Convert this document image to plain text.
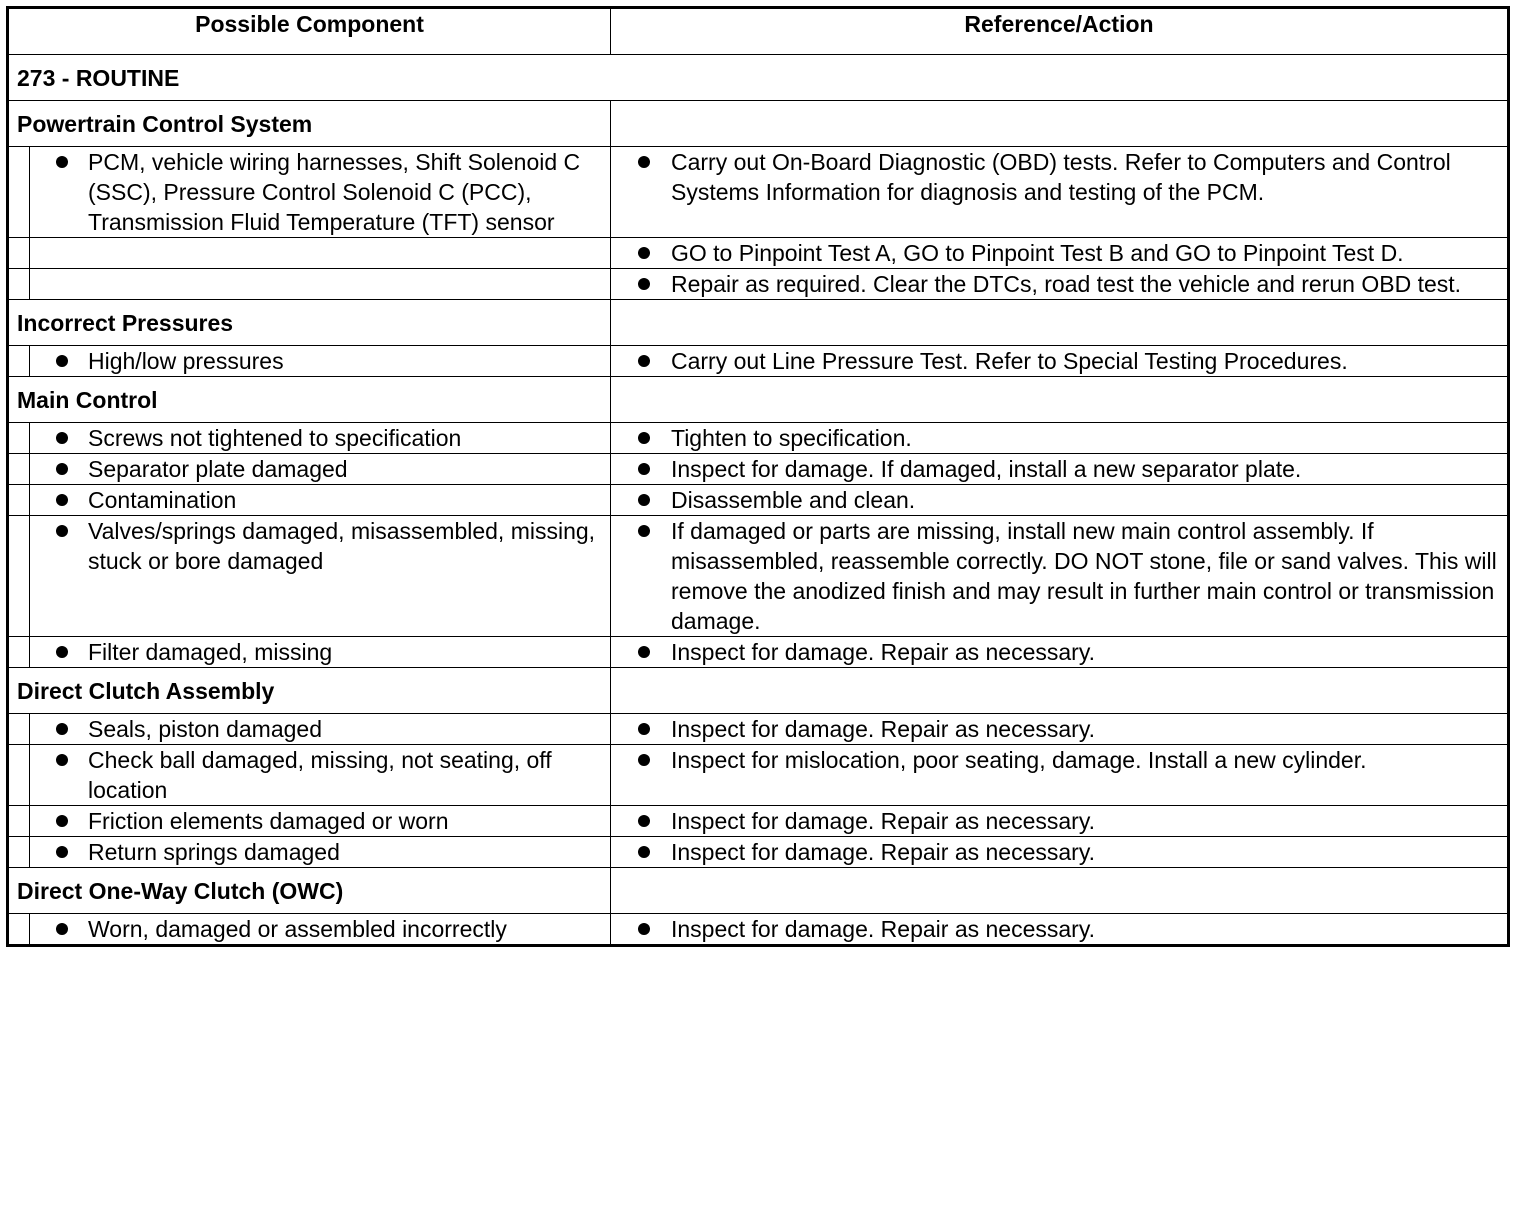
Possible Component		Reference/Action
273 - ROUTINE		
Powertrain Control System		

	PCM, vehicle wiring harnesses, Shift Solenoid C (SSC), Pressure Control Solenoid C (PCC), Transmission Fluid Temperature (TFT) sensor	Carry out On-Board Diagnostic (OBD) tests. Refer to Computers and Control Systems Information for diagnosis and testing of the PCM.

		GO to Pinpoint Test A, GO to Pinpoint Test B and GO to Pinpoint Test D.

		Repair as required. Clear the DTCs, road test the vehicle and rerun OBD test.

Incorrect Pressures		

	High/low pressures	Carry out Line Pressure Test. Refer to Special Testing Procedures.

Main Control		

	Screws not tightened to specification	Tighten to specification.

	Separator plate damaged	Inspect for damage. If damaged, install a new separator plate.

	Contamination	Disassemble and clean.

	Valves/springs damaged, misassembled, missing, stuck or bore damaged	If damaged or parts are missing, install new main control assembly. If misassembled, reassemble correctly. DO NOT stone, file or sand valves. This will remove the anodized finish and may result in further main control or transmission damage.

	Filter damaged, missing	Inspect for damage. Repair as necessary.

Direct Clutch Assembly		

	Seals, piston damaged	Inspect for damage. Repair as necessary.

	Check ball damaged, missing, not seating, off location	Inspect for mislocation, poor seating, damage. Install a new cylinder.

	Friction elements damaged or worn	Inspect for damage. Repair as necessary.

	Return springs damaged	Inspect for damage. Repair as necessary.

Direct One-Way Clutch (OWC)		

	Worn, damaged or assembled incorrectly	Inspect for damage. Repair as necessary.
